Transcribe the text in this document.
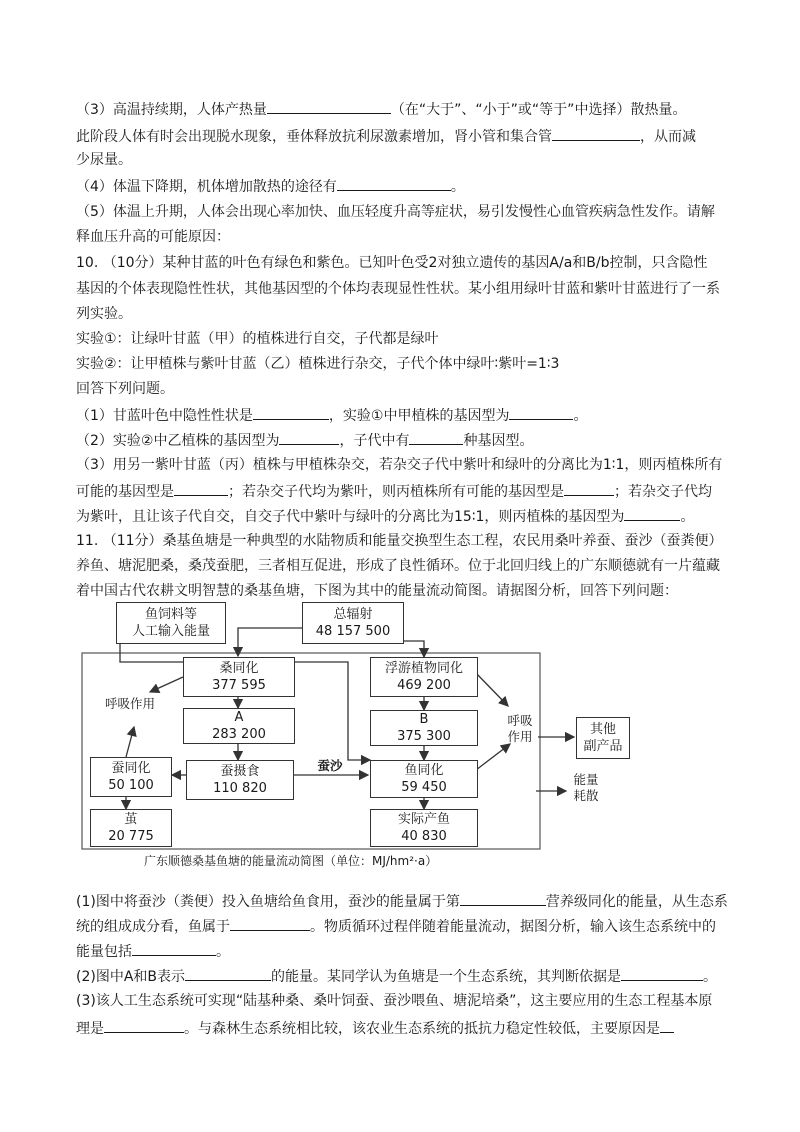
（3）高温持续期，人体产热量	（在“大于”、“小于”或“等于”中选择）散热量。
此阶段人体有时会出现脱水现象，垂体释放抗利尿激素增加，肾小管和集合管	，从而减
少尿量。
（4）体温下降期，机体增加散热的途径有	。
（5）体温上升期，人体会出现心率加快、血压轻度升高等症状，易引发慢性心血管疾病急性发作。请解
释血压升高的可能原因：
10. （10分）某种甘蓝的叶色有绿色和紫色。已知叶色受2对独立遗传的基因A/a和B/b控制，只含隐性
基因的个体表现隐性性状，其他基因型的个体均表现显性性状。某小组用绿叶甘蓝和紫叶甘蓝进行了一系
列实验。
实验①：让绿叶甘蓝（甲）的植株进行自交，子代都是绿叶
实验②：让甲植株与紫叶甘蓝（乙）植株进行杂交，子代个体中绿叶∶紫叶=1∶3
回答下列问题。
（1）甘蓝叶色中隐性性状是	，实验①中甲植株的基因型为	。
（2）实验②中乙植株的基因型为	，子代中有	种基因型。
（3）用另一紫叶甘蓝（丙）植株与甲植株杂交，若杂交子代中紫叶和绿叶的分离比为1∶1，则丙植株所有
可能的基因型是	；若杂交子代均为紫叶，则丙植株所有可能的基因型是	；若杂交子代均
为紫叶，且让该子代自交，自交子代中紫叶与绿叶的分离比为15∶1，则丙植株的基因型为	。
11. （11分）桑基鱼塘是一种典型的水陆物质和能量交换型生态工程，农民用桑叶养蚕、蚕沙（蚕粪便）
养鱼、塘泥肥桑，桑茂蚕肥，三者相互促进，形成了良性循环。位于北回归线上的广东顺德就有一片蕴藏
着中国古代农耕文明智慧的桑基鱼塘，下图为其中的能量流动简图。请据图分析，回答下列问题：
鱼饲料等
人工输入能量
总辐射
48 157 500
桑同化
377 595
浮游植物同化
469 200
A
283 200
B
375 300
蚕同化
50 100
蚕摄食
110 820
鱼同化
59 450
茧
20 775
实际产鱼
40 830
其他
副产品
呼吸作用
呼吸
作用
蚕沙
能量
耗散
广东顺德桑基鱼塘的能量流动简图（单位：MJ/hm²·a）
(1)图中将蚕沙（粪便）投入鱼塘给鱼食用，蚕沙的能量属于第	营养级同化的能量，从生态系
统的组成成分看，鱼属于	。物质循环过程伴随着能量流动，据图分析，输入该生态系统中的
能量包括	。
(2)图中A和B表示	的能量。某同学认为鱼塘是一个生态系统，其判断依据是	。
(3)该人工生态系统可实现“陆基种桑、桑叶饲蚕、蚕沙喂鱼、塘泥培桑”，这主要应用的生态工程基本原
理是	。与森林生态系统相比较，该农业生态系统的抵抗力稳定性较低，主要原因是
